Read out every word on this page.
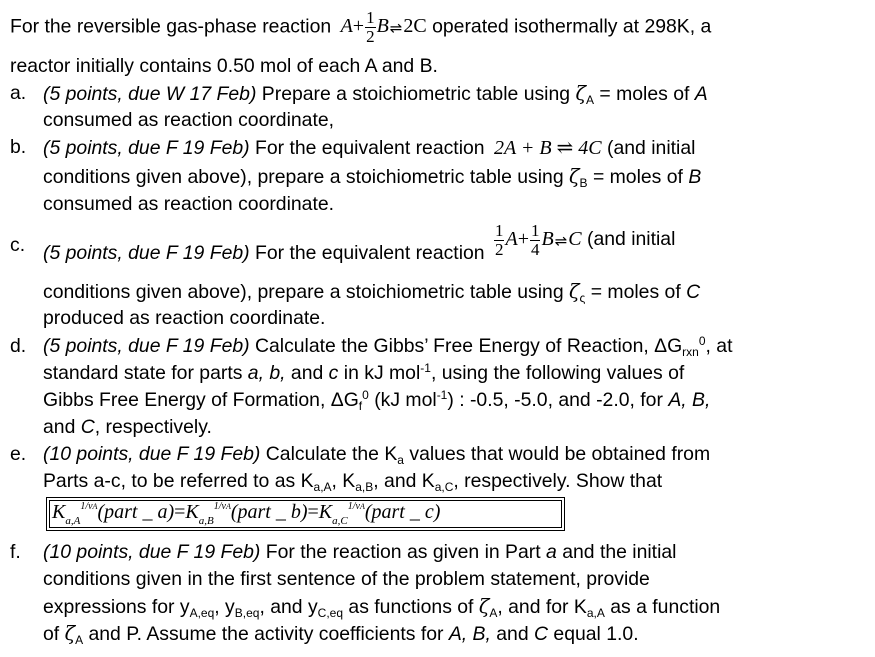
For the reversible gas-phase reaction $A+ \frac{1}{2}$ B⇌2C operated isothermally at 298K, a
reactor initially contains 0.50 mol of each A and B.
a. (5 points, due W 17 Feb) Prepare a stoichiometric table using $\zeta_A$ = moles of A
consumed as reaction coordinate,
b. (5 points, due F 19 Feb) For the equivalent reaction 2A + B ⇌ 4C (and initial
conditions given above), prepare a stoichiometric table using $\zeta_B$ = moles of B
consumed as reaction coordinate.
c. (5 points, due F 19 Feb) For the equivalent reaction $\frac{1}{2} A+ \frac{1}{4}$ B⇌C (and initial
conditions given above), prepare a stoichiometric table using $\zeta_\varsigma$ = moles of C
produced as reaction coordinate.
d. (5 points, due F 19 Feb) Calculate the Gibbs’ Free Energy of Reaction, $\Delta G_{rxn}^0$, at
standard state for parts a, b, and c in kJ mol$^{-1}$, using the following values of
Gibbs Free Energy of Formation, $\Delta G_f^0$ (kJ mol$^{-1}$) : -0.5, -5.0, and -2.0, for A, B,
and C, respectively.
e. (10 points, due F 19 Feb) Calculate the $K_a$ values that would be obtained from
Parts a-c, to be referred to as $K_{a,A}$, $K_{a,B}$, and $K_{a,C}$, respectively. Show that
$K_{a,A}^{1/\nu A}(part$ _ $a)=K_{a,B}^{1/\nu A}(part$ _ $b)=K_{a,C}^{1/\nu A}(part$ _ c)
f. (10 points, due F 19 Feb) For the reaction as given in Part a and the initial
conditions given in the first sentence of the problem statement, provide
expressions for $y_{A,eq}$, $y_{B,eq}$, and $y_{C,eq}$ as functions of $\zeta_A$, and for $K_{a,A}$ as a function
of $\zeta_A$ and P. Assume the activity coefficients for A, B, and C equal 1.0.
